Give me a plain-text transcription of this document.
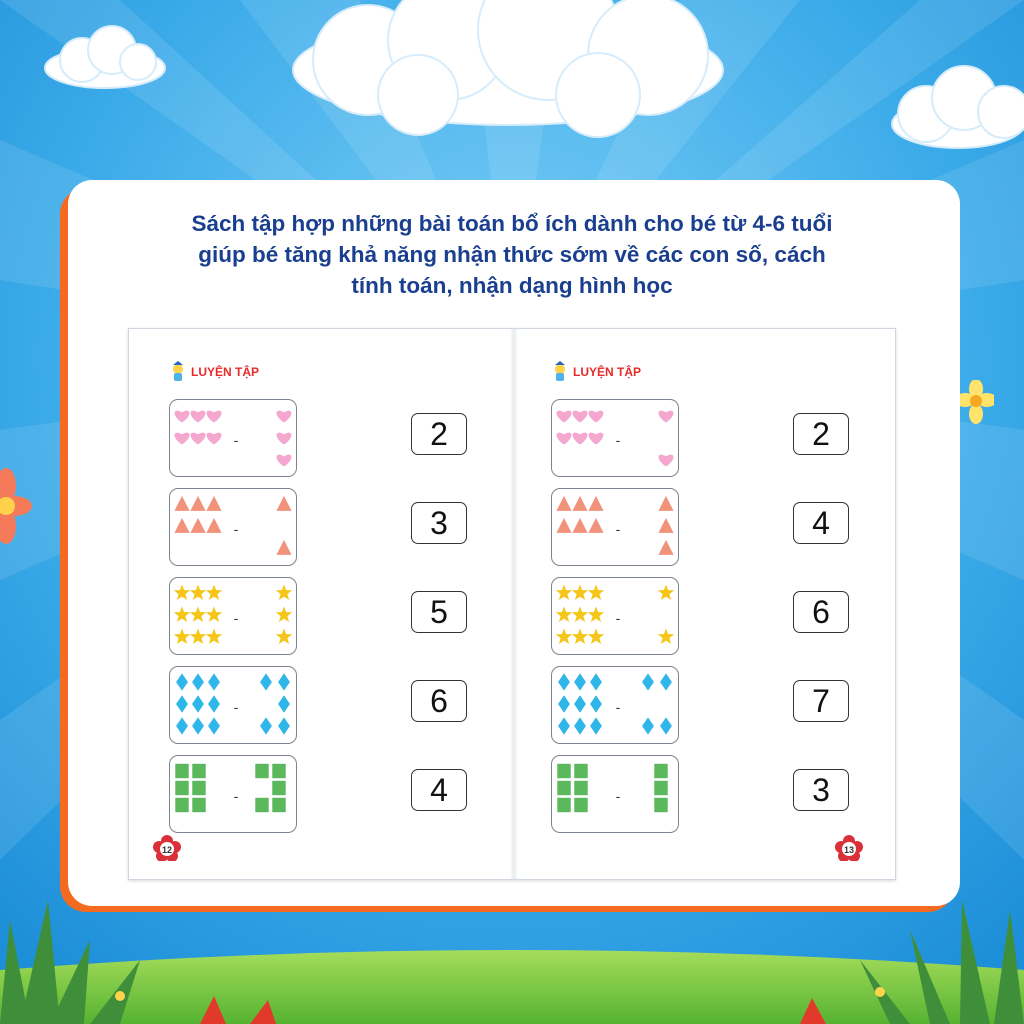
Sách tập hợp những bài toán bổ ích dành cho bé từ 4-6 tuổi
giúp bé tăng khả năng nhận thức sớm về các con số, cách
tính toán, nhận dạng hình học
LUYỆN TẬP
-	2
-	3
-	5
-	6
-	4
12
LUYỆN TẬP
-	2
-	4
-	6
-	7
-	3
13
